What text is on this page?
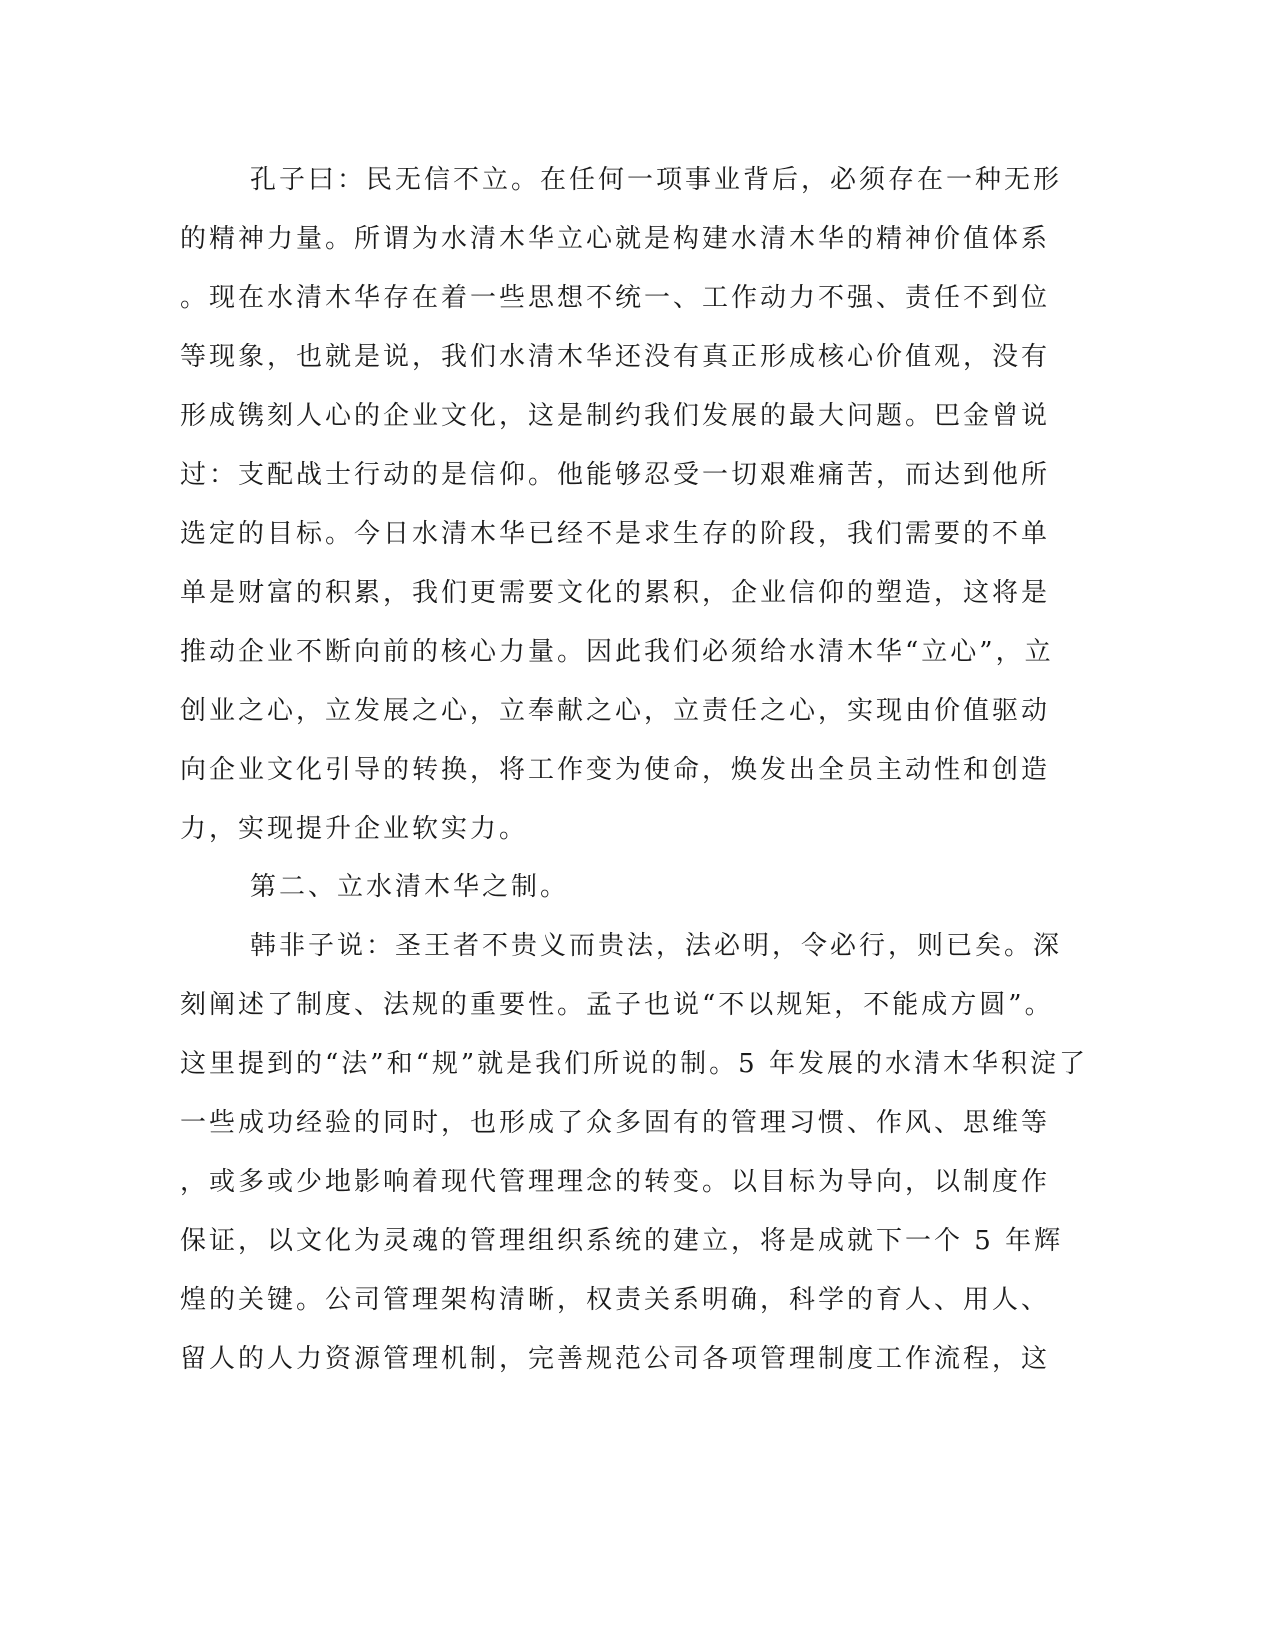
孔子曰：民无信不立。在任何一项事业背后，必须存在一种无形
的精神力量。所谓为水清木华立心就是构建水清木华的精神价值体系
。现在水清木华存在着一些思想不统一、工作动力不强、责任不到位
等现象，也就是说，我们水清木华还没有真正形成核心价值观，没有
形成镌刻人心的企业文化，这是制约我们发展的最大问题。巴金曾说
过：支配战士行动的是信仰。他能够忍受一切艰难痛苦，而达到他所
选定的目标。今日水清木华已经不是求生存的阶段，我们需要的不单
单是财富的积累，我们更需要文化的累积，企业信仰的塑造，这将是
推动企业不断向前的核心力量。因此我们必须给水清木华“立心”，立
创业之心，立发展之心，立奉献之心，立责任之心，实现由价值驱动
向企业文化引导的转换，将工作变为使命，焕发出全员主动性和创造
力，实现提升企业软实力。
第二、立水清木华之制。
韩非子说：圣王者不贵义而贵法，法必明，令必行，则已矣。深
刻阐述了制度、法规的重要性。孟子也说“不以规矩，不能成方圆”。
这里提到的“法”和“规”就是我们所说的制。5 年发展的水清木华积淀了
一些成功经验的同时，也形成了众多固有的管理习惯、作风、思维等
，或多或少地影响着现代管理理念的转变。以目标为导向，以制度作
保证，以文化为灵魂的管理组织系统的建立，将是成就下一个 5 年辉
煌的关键。公司管理架构清晰，权责关系明确，科学的育人、用人、
留人的人力资源管理机制，完善规范公司各项管理制度工作流程，这
